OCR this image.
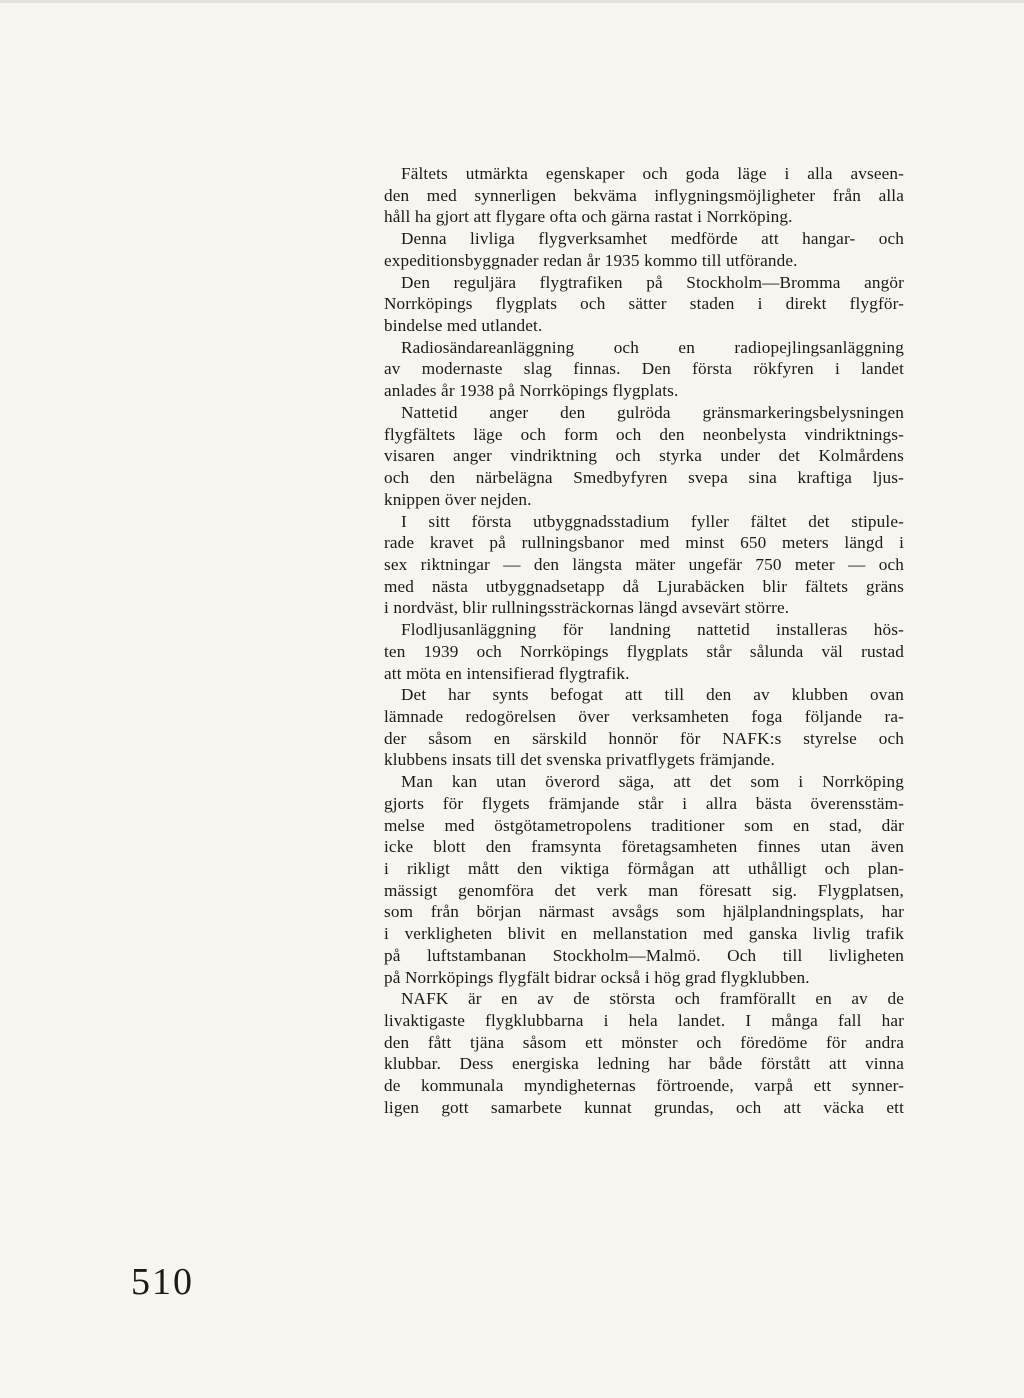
Fältets utmärkta egenskaper och goda läge i alla avseen-
den med synnerligen bekväma inflygningsmöjligheter från alla
håll ha gjort att flygare ofta och gärna rastat i Norrköping.
Denna livliga flygverksamhet medförde att hangar- och
expeditionsbyggnader redan år 1935 kommo till utförande.
Den reguljära flygtrafiken på Stockholm—Bromma angör
Norrköpings flygplats och sätter staden i direkt flygför-
bindelse med utlandet.
Radiosändareanläggning och en radiopejlingsanläggning
av modernaste slag finnas. Den första rökfyren i landet
anlades år 1938 på Norrköpings flygplats.
Nattetid anger den gulröda gränsmarkeringsbelysningen
flygfältets läge och form och den neonbelysta vindriktnings-
visaren anger vindriktning och styrka under det Kolmårdens
och den närbelägna Smedbyfyren svepa sina kraftiga ljus-
knippen över nejden.
I sitt första utbyggnadsstadium fyller fältet det stipule-
rade kravet på rullningsbanor med minst 650 meters längd i
sex riktningar — den längsta mäter ungefär 750 meter — och
med nästa utbyggnadsetapp då Ljurabäcken blir fältets gräns
i nordväst, blir rullningssträckornas längd avsevärt större.
Flodljusanläggning för landning nattetid installeras hös-
ten 1939 och Norrköpings flygplats står sålunda väl rustad
att möta en intensifierad flygtrafik.
Det har synts befogat att till den av klubben ovan
lämnade redogörelsen över verksamheten foga följande ra-
der såsom en särskild honnör för NAFK:s styrelse och
klubbens insats till det svenska privatflygets främjande.
Man kan utan överord säga, att det som i Norrköping
gjorts för flygets främjande står i allra bästa överensstäm-
melse med östgötametropolens traditioner som en stad, där
icke blott den framsynta företagsamheten finnes utan även
i rikligt mått den viktiga förmågan att uthålligt och plan-
mässigt genomföra det verk man föresatt sig. Flygplatsen,
som från början närmast avsågs som hjälplandningsplats, har
i verkligheten blivit en mellanstation med ganska livlig trafik
på luftstambanan Stockholm—Malmö. Och till livligheten
på Norrköpings flygfält bidrar också i hög grad flygklubben.
NAFK är en av de största och framförallt en av de
livaktigaste flygklubbarna i hela landet. I många fall har
den fått tjäna såsom ett mönster och föredöme för andra
klubbar. Dess energiska ledning har både förstått att vinna
de kommunala myndigheternas förtroende, varpå ett synner-
ligen gott samarbete kunnat grundas, och att väcka ett
510
